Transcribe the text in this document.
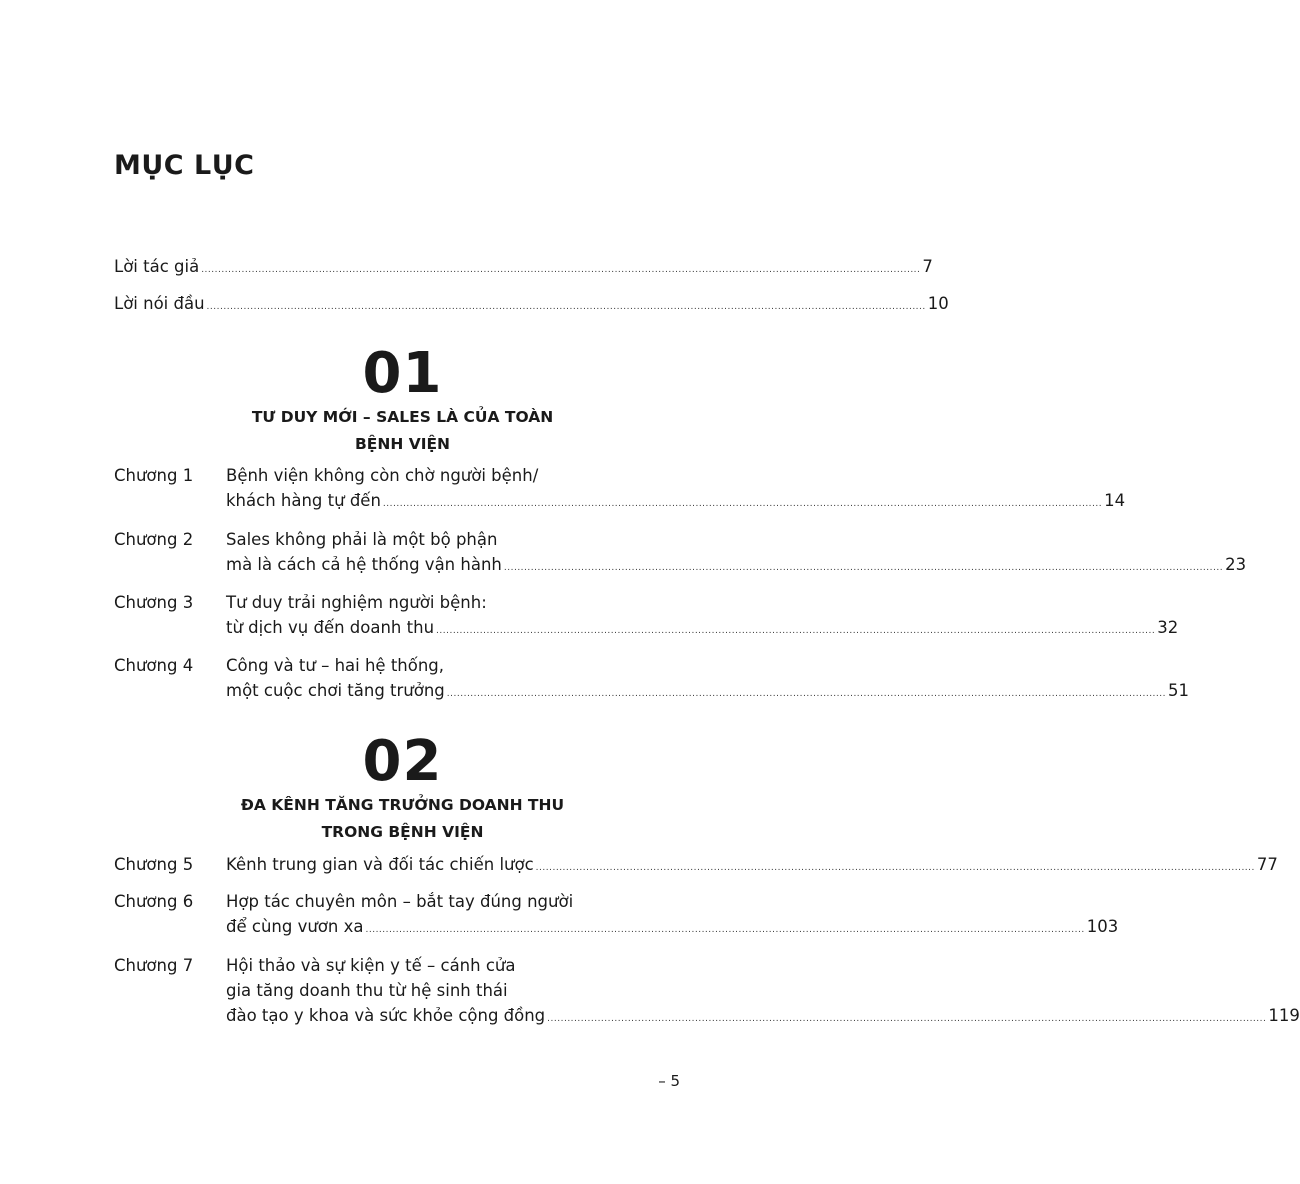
MỤC LỤC
Lời tác giả .....	7
Lời nói đầu .....	10
01
TƯ DUY MỚI – SALES LÀ CỦA TOÀN BỆNH VIỆN
Chương 1	Bệnh viện không còn chờ người bệnh/
khách hàng tự đến .....	14
Chương 2	Sales không phải là một bộ phận
mà là cách cả hệ thống vận hành .....	23
Chương 3	Tư duy trải nghiệm người bệnh:
từ dịch vụ đến doanh thu .....	32
Chương 4	Công và tư – hai hệ thống,
một cuộc chơi tăng trưởng .....	51
02
ĐA KÊNH TĂNG TRƯỞNG DOANH THU TRONG BỆNH VIỆN
Chương 5	Kênh trung gian và đối tác chiến lược .....	77
Chương 6	Hợp tác chuyên môn – bắt tay đúng người
để cùng vươn xa .....	103
Chương 7	Hội thảo và sự kiện y tế – cánh cửa
gia tăng doanh thu từ hệ sinh thái
đào tạo y khoa và sức khỏe cộng đồng .....	119
– 5
